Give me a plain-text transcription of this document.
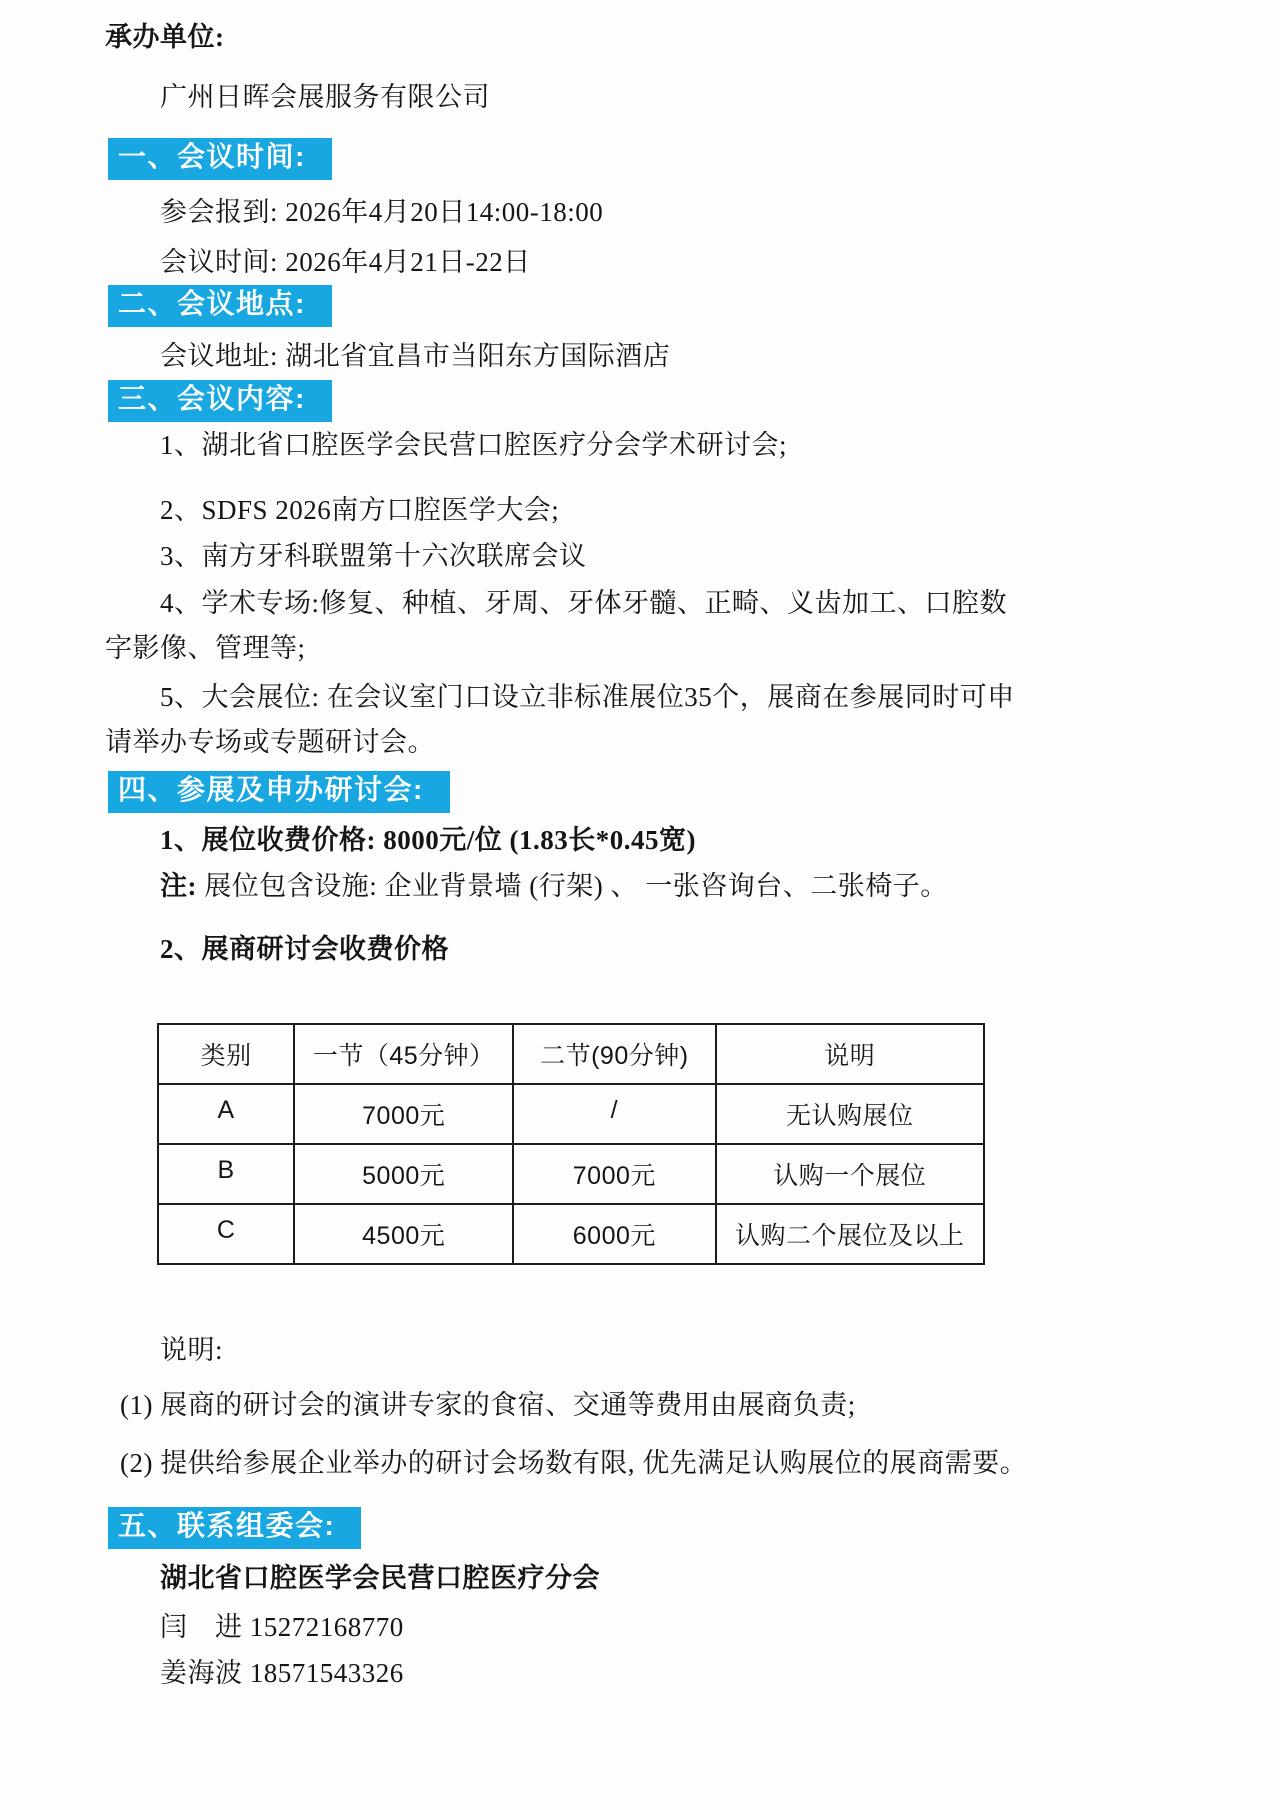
承办单位:

广州日晖会展服务有限公司

一、会议时间:

参会报到: 2026年4月20日14:00-18:00

会议时间: 2026年4月21日-22日

二、会议地点:

会议地址: 湖北省宜昌市当阳东方国际酒店

三、会议内容:

1、湖北省口腔医学会民营口腔医疗分会学术研讨会;

2、SDFS 2026南方口腔医学大会;

3、南方牙科联盟第十六次联席会议

4、学术专场:修复、种植、牙周、牙体牙髓、正畸、义齿加工、口腔数字影像、管理等;

5、大会展位: 在会议室门口设立非标准展位35个，展商在参展同时可申请举办专场或专题研讨会。

四、参展及申办研讨会:

1、展位收费价格: 8000元/位 (1.83长*0.45宽)

注: 展位包含设施: 企业背景墙 (行架) 、 一张咨询台、二张椅子。

2、展商研讨会收费价格

类别	一节（45分钟）	二节(90分钟)	说明
A	7000元	/	无认购展位
B	5000元	7000元	认购一个展位
C	4500元	6000元	认购二个展位及以上

说明:

(1) 展商的研讨会的演讲专家的食宿、交通等费用由展商负责;

(2) 提供给参展企业举办的研讨会场数有限, 优先满足认购展位的展商需要。

五、联系组委会:

湖北省口腔医学会民营口腔医疗分会

闫　进 15272168770

姜海波 18571543326
